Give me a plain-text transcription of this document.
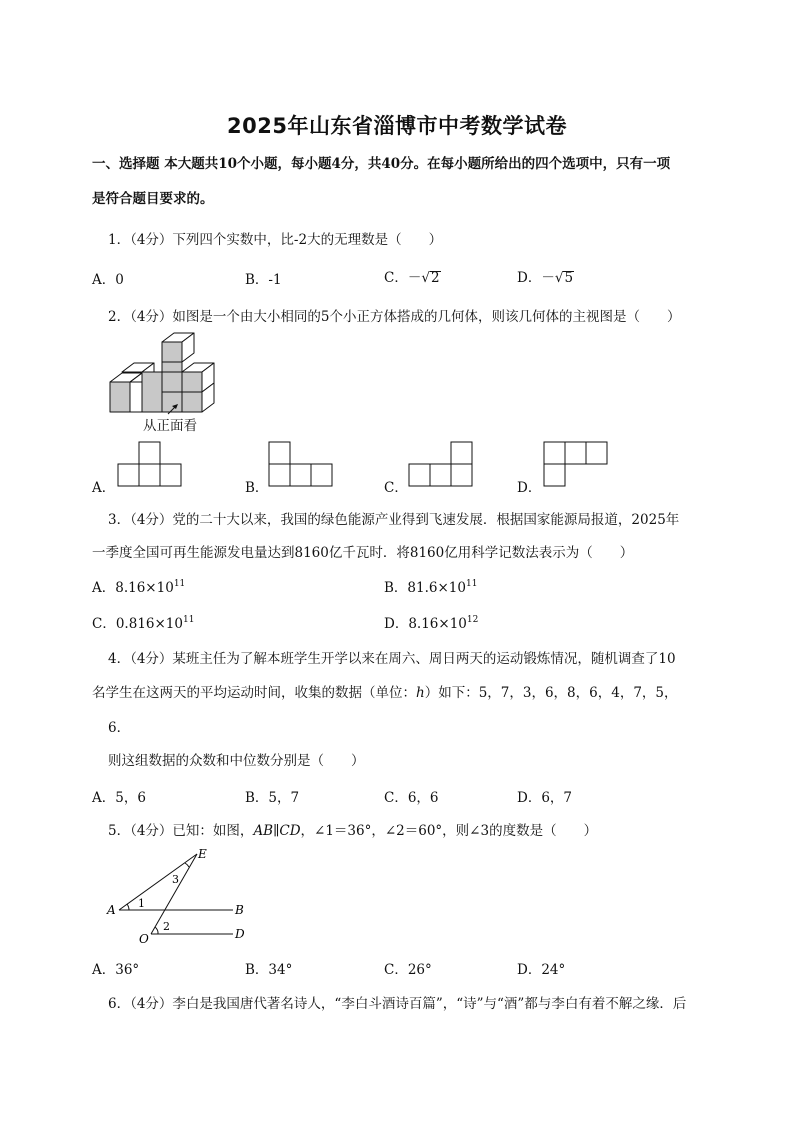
2025年山东省淄博市中考数学试卷
一、选择题 本大题共10个小题，每小题4分，共40分。在每小题所给出的四个选项中，只有一项
是符合题目要求的。
1．（4分）下列四个实数中，比-2大的无理数是（　　）
A．0	B．-1	C．－√2	D．－√5
2．（4分）如图是一个由大小相同的5个小正方体搭成的几何体，则该几何体的主视图是（　　）
从正面看
A．	B．	C．	D．
3．（4分）党的二十大以来，我国的绿色能源产业得到飞速发展．根据国家能源局报道，2025年
一季度全国可再生能源发电量达到8160亿千瓦时．将8160亿用科学记数法表示为（　　）
A．$8.16\times 10^{11}$	B．$81.6\times 10^{11}$
C．$0.816\times 10^{11}$	D．$8.16\times 10^{12}$
4．（4分）某班主任为了解本班学生开学以来在周六、周日两天的运动锻炼情况，随机调查了10
名学生在这两天的平均运动时间，收集的数据（单位：h）如下：5，7，3，6，8，6，4，7，5，
6．
则这组数据的众数和中位数分别是（　　）
A．5，6	B．5，7	C．6，6	D．6，7
5．（4分）已知：如图，AB∥CD，∠1＝36°，∠2＝60°，则∠3的度数是（　　）
E
A	B
O	D
1
2
3
A．36°	B．34°	C．26°	D．24°
6．（4分）李白是我国唐代著名诗人，“李白斗酒诗百篇”，“诗”与“酒”都与李白有着不解之缘．后
